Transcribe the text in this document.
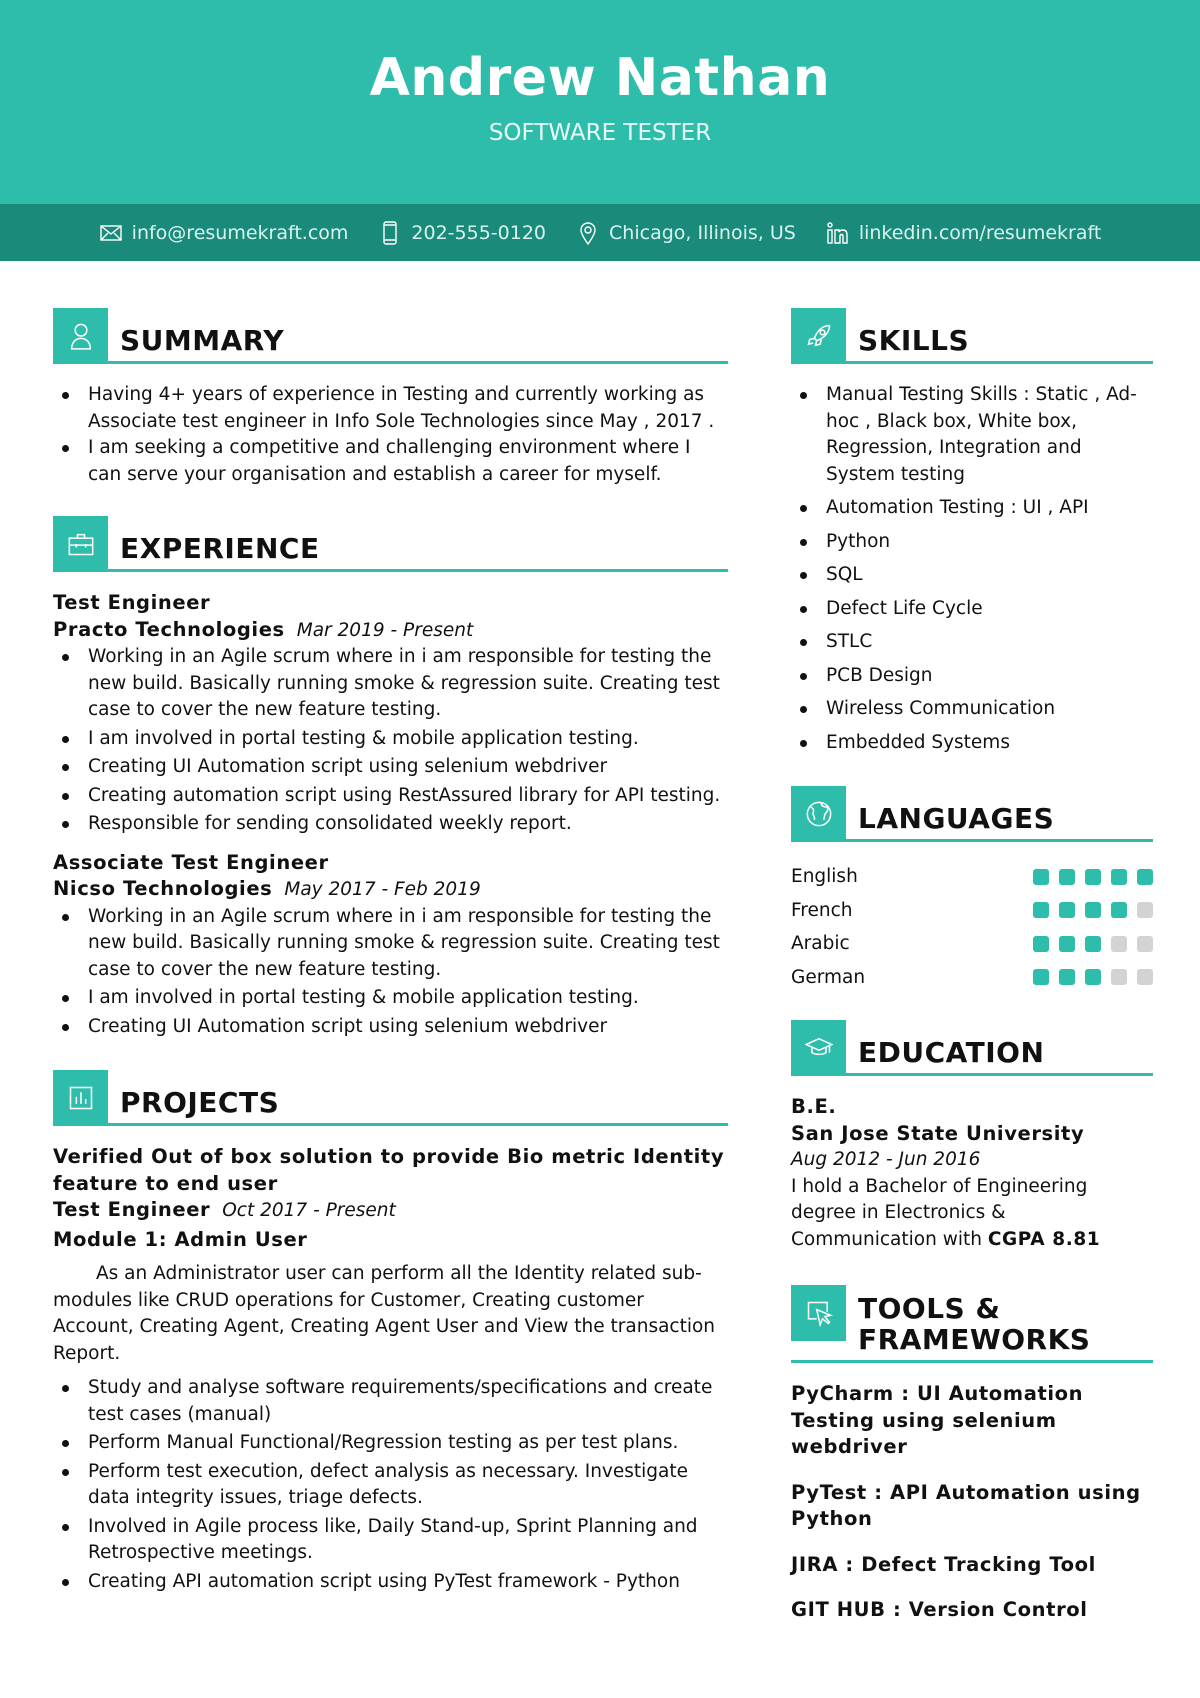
Andrew Nathan
SOFTWARE TESTER
info@resumekraft.com	202-555-0120	Chicago, Illinois, US	linkedin.com/resumekraft
SUMMARY
Having 4+ years of experience in Testing and currently working as Associate test engineer in Info Sole Technologies since May , 2017 .
I am seeking a competitive and challenging environment where I can serve your organisation and establish a career for myself.
EXPERIENCE
Test Engineer
Practo Technologies Mar 2019 - Present
Working in an Agile scrum where in i am responsible for testing the new build. Basically running smoke & regression suite. Creating test case to cover the new feature testing.
I am involved in portal testing & mobile application testing.
Creating UI Automation script using selenium webdriver
Creating automation script using RestAssured library for API testing.
Responsible for sending consolidated weekly report.
Associate Test Engineer
Nicso Technologies May 2017 - Feb 2019
Working in an Agile scrum where in i am responsible for testing the new build. Basically running smoke & regression suite. Creating test case to cover the new feature testing.
I am involved in portal testing & mobile application testing.
Creating UI Automation script using selenium webdriver
PROJECTS
Verified Out of box solution to provide Bio metric Identity feature to end user
Test Engineer Oct 2017 - Present
Module 1: Admin User
As an Administrator user can perform all the Identity related sub-modules like CRUD operations for Customer, Creating customer Account, Creating Agent, Creating Agent User and View the transaction Report.
Study and analyse software requirements/specifications and create test cases (manual)
Perform Manual Functional/Regression testing as per test plans.
Perform test execution, defect analysis as necessary. Investigate data integrity issues, triage defects.
Involved in Agile process like, Daily Stand-up, Sprint Planning and Retrospective meetings.
Creating API automation script using PyTest framework - Python
SKILLS
Manual Testing Skills : Static , Ad-hoc , Black box, White box, Regression, Integration and System testing
Automation Testing : UI , API
Python
SQL
Defect Life Cycle
STLC
PCB Design
Wireless Communication
Embedded Systems
LANGUAGES
English
French
Arabic
German
EDUCATION
B.E.
San Jose State University
Aug 2012 - Jun 2016
I hold a Bachelor of Engineering degree in Electronics & Communication with CGPA 8.81
TOOLS &
FRAMEWORKS
PyCharm : UI Automation Testing using selenium webdriver
PyTest : API Automation using Python
JIRA : Defect Tracking Tool
GIT HUB : Version Control
